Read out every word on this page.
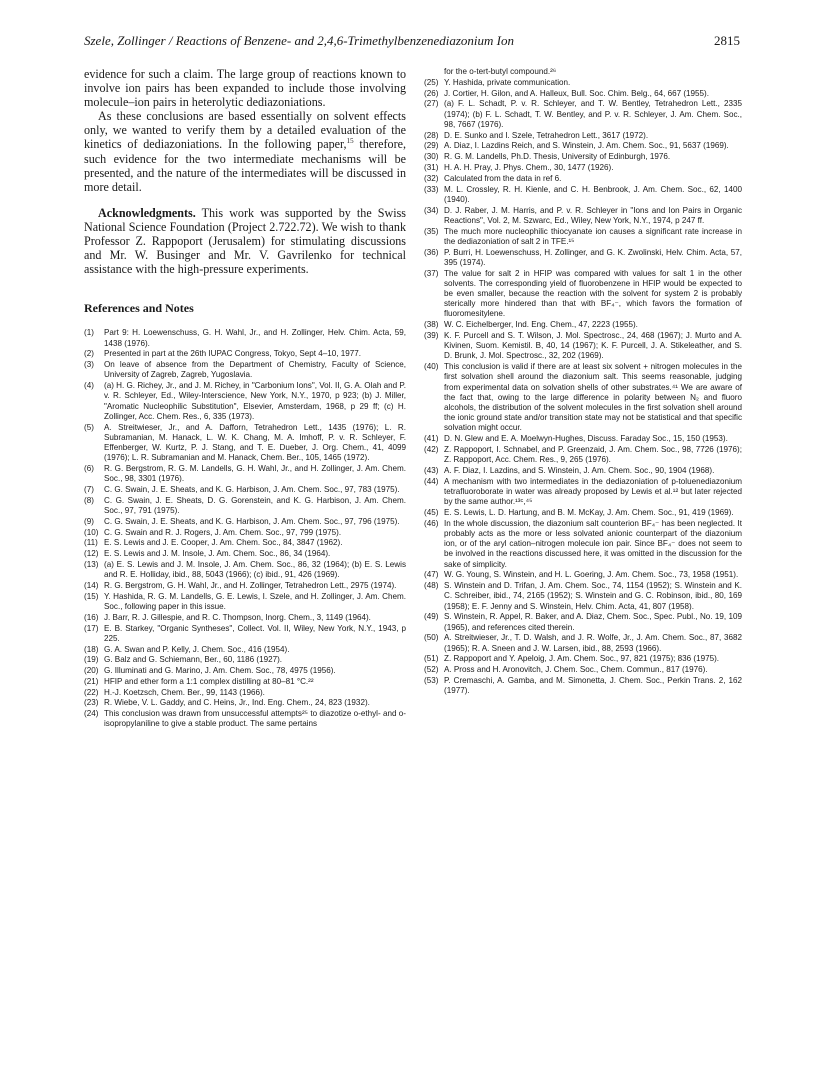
Szele, Zollinger / Reactions of Benzene- and 2,4,6-Trimethylbenzenediazonium Ion	2815

evidence for such a claim. The large group of reactions known to involve ion pairs has been expanded to include those involving molecule–ion pairs in heterolytic dediazoniations.

As these conclusions are based essentially on solvent effects only, we wanted to verify them by a detailed evaluation of the kinetics of dediazoniations. In the following paper,$^{15}$ therefore, such evidence for the two intermediate mechanisms will be presented, and the nature of the intermediates will be discussed in more detail.

Acknowledgments. This work was supported by the Swiss National Science Foundation (Project 2.722.72). We wish to thank Professor Z. Rappoport (Jerusalem) for stimulating discussions and Mr. W. Businger and Mr. V. Gavrilenko for technical assistance with the high-pressure experiments.

References and Notes
(1) Part 9: H. Loewenschuss, G. H. Wahl, Jr., and H. Zollinger, Helv. Chim. Acta, 59, 1438 (1976).
(2) Presented in part at the 26th IUPAC Congress, Tokyo, Sept 4–10, 1977.
(3) On leave of absence from the Department of Chemistry, Faculty of Science, University of Zagreb, Zagreb, Yugoslavia.
(4) (a) H. G. Richey, Jr., and J. M. Richey, in "Carbonium Ions", Vol. II, G. A. Olah and P. v. R. Schleyer, Ed., Wiley-Interscience, New York, N.Y., 1970, p 923; (b) J. Miller, "Aromatic Nucleophilic Substitution", Elsevier, Amsterdam, 1968, p 29 ff; (c) H. Zollinger, Acc. Chem. Res., 6, 335 (1973).
(5) A. Streitwieser, Jr., and A. Dafforn, Tetrahedron Lett., 1435 (1976); L. R. Subramanian, M. Hanack, L. W. K. Chang, M. A. Imhoff, P. v. R. Schleyer, F. Effenberger, W. Kurtz, P. J. Stang, and T. E. Dueber, J. Org. Chem., 41, 4099 (1976); L. R. Subramanian and M. Hanack, Chem. Ber., 105, 1465 (1972).
(6) R. G. Bergstrom, R. G. M. Landells, G. H. Wahl, Jr., and H. Zollinger, J. Am. Chem. Soc., 98, 3301 (1976).
(7) C. G. Swain, J. E. Sheats, and K. G. Harbison, J. Am. Chem. Soc., 97, 783 (1975).
(8) C. G. Swain, J. E. Sheats, D. G. Gorenstein, and K. G. Harbison, J. Am. Chem. Soc., 97, 791 (1975).
(9) C. G. Swain, J. E. Sheats, and K. G. Harbison, J. Am. Chem. Soc., 97, 796 (1975).
(10) C. G. Swain and R. J. Rogers, J. Am. Chem. Soc., 97, 799 (1975).
(11) E. S. Lewis and J. E. Cooper, J. Am. Chem. Soc., 84, 3847 (1962).
(12) E. S. Lewis and J. M. Insole, J. Am. Chem. Soc., 86, 34 (1964).
(13) (a) E. S. Lewis and J. M. Insole, J. Am. Chem. Soc., 86, 32 (1964); (b) E. S. Lewis and R. E. Holliday, ibid., 88, 5043 (1966); (c) ibid., 91, 426 (1969).
(14) R. G. Bergstrom, G. H. Wahl, Jr., and H. Zollinger, Tetrahedron Lett., 2975 (1974).
(15) Y. Hashida, R. G. M. Landells, G. E. Lewis, I. Szele, and H. Zollinger, J. Am. Chem. Soc., following paper in this issue.
(16) J. Barr, R. J. Gillespie, and R. C. Thompson, Inorg. Chem., 3, 1149 (1964).
(17) E. B. Starkey, "Organic Syntheses", Collect. Vol. II, Wiley, New York, N.Y., 1943, p 225.
(18) G. A. Swan and P. Kelly, J. Chem. Soc., 416 (1954).
(19) G. Balz and G. Schiemann, Ber., 60, 1186 (1927).
(20) G. Illuminati and G. Marino, J. Am. Chem. Soc., 78, 4975 (1956).
(21) HFIP and ether form a 1:1 complex distilling at 80–81 °C.²²
(22) H.-J. Koetzsch, Chem. Ber., 99, 1143 (1966).
(23) R. Wiebe, V. L. Gaddy, and C. Heins, Jr., Ind. Eng. Chem., 24, 823 (1932).
(24) This conclusion was drawn from unsuccessful attempts²⁵ to diazotize o-ethyl- and o-isopropylaniline to give a stable product. The same pertains
for the o-tert-butyl compound.²⁶
(25) Y. Hashida, private communication.
(26) J. Cortier, H. Gilon, and A. Halleux, Bull. Soc. Chim. Belg., 64, 667 (1955).
(27) (a) F. L. Schadt, P. v. R. Schleyer, and T. W. Bentley, Tetrahedron Lett., 2335 (1974); (b) F. L. Schadt, T. W. Bentley, and P. v. R. Schleyer, J. Am. Chem. Soc., 98, 7667 (1976).
(28) D. E. Sunko and I. Szele, Tetrahedron Lett., 3617 (1972).
(29) A. Diaz, I. Lazdins Reich, and S. Winstein, J. Am. Chem. Soc., 91, 5637 (1969).
(30) R. G. M. Landells, Ph.D. Thesis, University of Edinburgh, 1976.
(31) H. A. H. Pray, J. Phys. Chem., 30, 1477 (1926).
(32) Calculated from the data in ref 6.
(33) M. L. Crossley, R. H. Kienle, and C. H. Benbrook, J. Am. Chem. Soc., 62, 1400 (1940).
(34) D. J. Raber, J. M. Harris, and P. v. R. Schleyer in "Ions and Ion Pairs in Organic Reactions", Vol. 2, M. Szwarc, Ed., Wiley, New York, N.Y., 1974, p 247 ff.
(35) The much more nucleophilic thiocyanate ion causes a significant rate increase in the dediazoniation of salt 2 in TFE.¹⁵
(36) P. Burri, H. Loewenschuss, H. Zollinger, and G. K. Zwolinski, Helv. Chim. Acta, 57, 395 (1974).
(37) The value for salt 2 in HFIP was compared with values for salt 1 in the other solvents. The corresponding yield of fluorobenzene in HFIP would be expected to be even smaller, because the reaction with the solvent for system 2 is probably sterically more hindered than that with BF₄⁻, which favors the formation of fluoromesitylene.
(38) W. C. Eichelberger, Ind. Eng. Chem., 47, 2223 (1955).
(39) K. F. Purcell and S. T. Wilson, J. Mol. Spectrosc., 24, 468 (1967); J. Murto and A. Kivinen, Suom. Kemistil. B, 40, 14 (1967); K. F. Purcell, J. A. Stikeleather, and S. D. Brunk, J. Mol. Spectrosc., 32, 202 (1969).
(40) This conclusion is valid if there are at least six solvent + nitrogen molecules in the first solvation shell around the diazonium salt. This seems reasonable, judging from experimental data on solvation shells of other substrates.⁴¹ We are aware of the fact that, owing to the large difference in polarity between N₂ and fluoro alcohols, the distribution of the solvent molecules in the first solvation shell around the ionic ground state and/or transition state may not be statistical and that specific solvation might occur.
(41) D. N. Glew and E. A. Moelwyn-Hughes, Discuss. Faraday Soc., 15, 150 (1953).
(42) Z. Rappoport, I. Schnabel, and P. Greenzaid, J. Am. Chem. Soc., 98, 7726 (1976); Z. Rappoport, Acc. Chem. Res., 9, 265 (1976).
(43) A. F. Diaz, I. Lazdins, and S. Winstein, J. Am. Chem. Soc., 90, 1904 (1968).
(44) A mechanism with two intermediates in the dediazoniation of p-toluenediazonium tetrafluoroborate in water was already proposed by Lewis et al.¹² but later rejected by the same author.¹³ᶜ,⁴⁵
(45) E. S. Lewis, L. D. Hartung, and B. M. McKay, J. Am. Chem. Soc., 91, 419 (1969).
(46) In the whole discussion, the diazonium salt counterion BF₄⁻ has been neglected. It probably acts as the more or less solvated anionic counterpart of the diazonium ion, or of the aryl cation–nitrogen molecule ion pair. Since BF₄⁻ does not seem to be involved in the reactions discussed here, it was omitted in the discussion for the sake of simplicity.
(47) W. G. Young, S. Winstein, and H. L. Goering, J. Am. Chem. Soc., 73, 1958 (1951).
(48) S. Winstein and D. Trifan, J. Am. Chem. Soc., 74, 1154 (1952); S. Winstein and K. C. Schreiber, ibid., 74, 2165 (1952); S. Winstein and G. C. Robinson, ibid., 80, 169 (1958); E. F. Jenny and S. Winstein, Helv. Chim. Acta, 41, 807 (1958).
(49) S. Winstein, R. Appel, R. Baker, and A. Diaz, Chem. Soc., Spec. Publ., No. 19, 109 (1965), and references cited therein.
(50) A. Streitwieser, Jr., T. D. Walsh, and J. R. Wolfe, Jr., J. Am. Chem. Soc., 87, 3682 (1965); R. A. Sneen and J. W. Larsen, ibid., 88, 2593 (1966).
(51) Z. Rappoport and Y. Apeloig, J. Am. Chem. Soc., 97, 821 (1975); 836 (1975).
(52) A. Pross and H. Aronovitch, J. Chem. Soc., Chem. Commun., 817 (1976).
(53) P. Cremaschi, A. Gamba, and M. Simonetta, J. Chem. Soc., Perkin Trans. 2, 162 (1977).
